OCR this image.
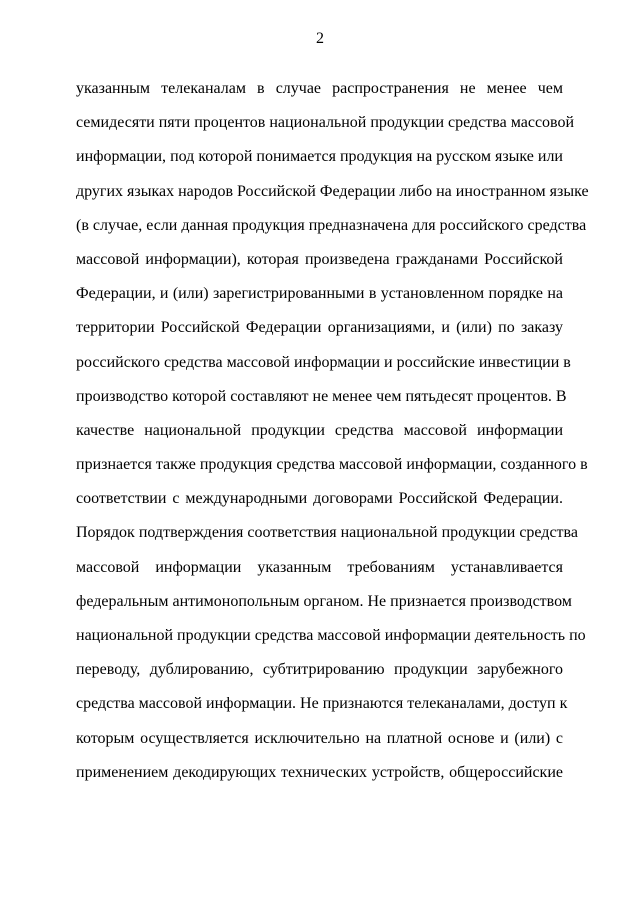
2
указанным телеканалам в случае распространения не менее чем
семидесяти пяти процентов национальной продукции средства массовой
информации, под которой понимается продукция на русском языке или
других языках народов Российской Федерации либо на иностранном языке
(в случае, если данная продукция предназначена для российского средства
массовой информации), которая произведена гражданами Российской
Федерации, и (или) зарегистрированными в установленном порядке на
территории Российской Федерации организациями, и (или) по заказу
российского средства массовой информации и российские инвестиции в
производство которой составляют не менее чем пятьдесят процентов. В
качестве национальной продукции средства массовой информации
признается также продукция средства массовой информации, созданного в
соответствии с международными договорами Российской Федерации.
Порядок подтверждения соответствия национальной продукции средства
массовой информации указанным требованиям устанавливается
федеральным антимонопольным органом. Не признается производством
национальной продукции средства массовой информации деятельность по
переводу, дублированию, субтитрированию продукции зарубежного
средства массовой информации. Не признаются телеканалами, доступ к
которым осуществляется исключительно на платной основе и (или) с
применением декодирующих технических устройств, общероссийские
